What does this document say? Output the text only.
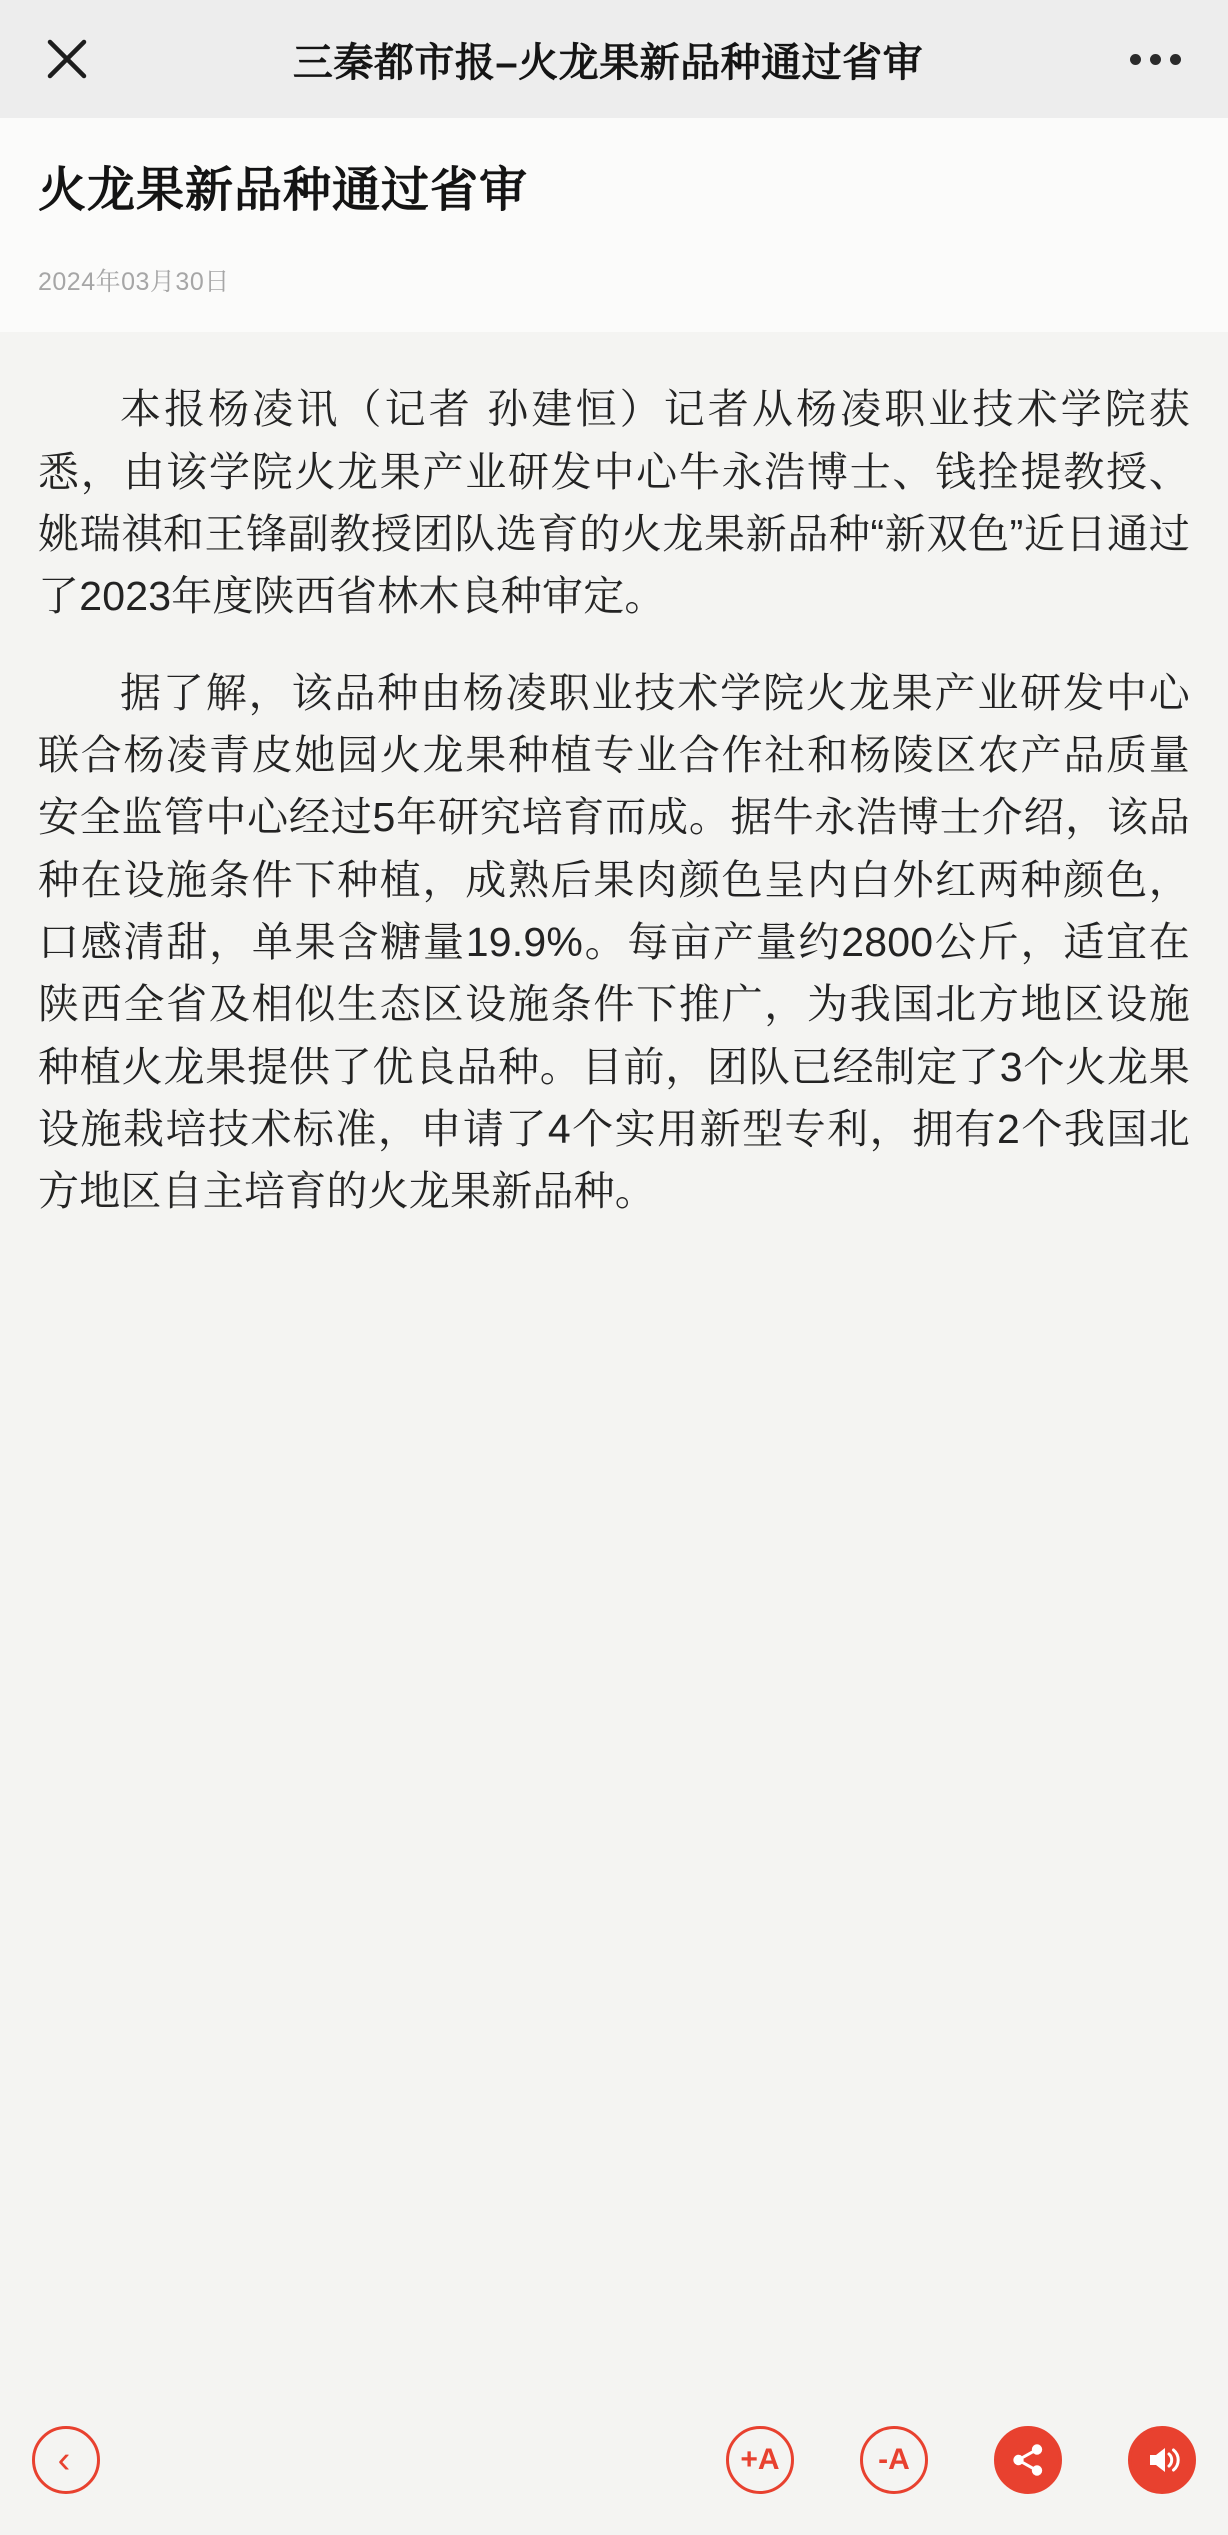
三秦都市报–火龙果新品种通过省审
火龙果新品种通过省审
2024年03月30日

本报杨凌讯（记者 孙建恒）记者从杨凌职业技术学院获悉，由该学院火龙果产业研发中心牛永浩博士、钱拴提教授、姚瑞祺和王锋副教授团队选育的火龙果新品种“新双色”近日通过了2023年度陕西省林木良种审定。

据了解，该品种由杨凌职业技术学院火龙果产业研发中心联合杨凌青皮她园火龙果种植专业合作社和杨陵区农产品质量安全监管中心经过5年研究培育而成。据牛永浩博士介绍，该品种在设施条件下种植，成熟后果肉颜色呈内白外红两种颜色，口感清甜，单果含糖量19.9%。每亩产量约2800公斤，适宜在陕西全省及相似生态区设施条件下推广，为我国北方地区设施种植火龙果提供了优良品种。目前，团队已经制定了3个火龙果设施栽培技术标准，申请了4个实用新型专利，拥有2个我国北方地区自主培育的火龙果新品种。

‹	+A	-A
